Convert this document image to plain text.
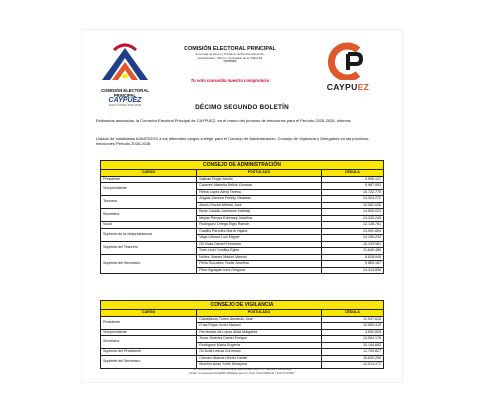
COMISIÓN ELECTORAL
PRINCIPAL
CAYPUEZ
ELECCIONES 2025-2028
COMISIÓN ELECTORAL PRINCIPAL
de la Caja de Ahorro y Préstamo del Personal Docente,
Administrativo, Obrero y Contratado de la UNELLEZ
CAYPUEZ
Tu voto consolida nuestro compromiso
CAYPUEZ
DÉCIMO SEGUNDO BOLETÍN
Estimados asociados, la Comisión Electoral Principal de CAYPUEZ, en el marco del proceso de elecciones para el Período 2025-2028, informa:
Listado de candidatos ADMITIDOS a los diferentes cargos a elegir para el Consejo de Administración, Consejo de Vigilancia y Delegados en las próximas elecciones Período 2025-2028
CONSEJO DE ADMINISTRACIÓN		
CARGO	POSTULADO	CÉDULA
Presidente	Salinas Roger Adolfo	9.995.127
Vicepresidente	Cáceres Misterlia Belkis Xiomara	9.987.903
	Reina López Alexy Teresa	10.722.770
Tesorero	Angola Zamora Freddy Oswaldo	14.324.272
	Alzuru Rocha Alfredo José	10.562.026
Secretario	Bone Castillo Joshanne Nathaly	14.550.022
	Mejías Perosa Edumary Josefina	14.325.249
Vocal	Rodríguez Ortega Elgio Ramón	12.138.761
Suplente de la vicepresidencia	Castillo Paredes María Yajaira	13.091.854
	Vega Ulbucci Luis Miguel	14.190.293
Suplente del Tesorero	Gil Vivas Daniel Fernando	15.139.981
	Soto León Yumilka Eglee	11.640.485
Suplente del Secretario	Núñez Joanes Marlon Manuel	8.628.949
	Peña González Yoelis Josefina	9.869.167
	Pinto Aguayán Inés Gregoria	14.413.859
CONSEJO DE VIGILANCIA		
CARGO	POSTULADO	CÉDULA
Presidente	Castellanos Torres Armando José	12.937.615
	Frías Rojas Víctor Manuel	10.559.419
Vicepresidente	Fernández de López Alida Margarita	3.592.829
Secretario	Tovar Jiménez Daniel Enrique	13.594.178
	Rodríguez María Eugenia	15.144.683
Suplente del Presidente	Gil Ávila Leticia Coromoto	11.709.827
Suplente del Secretario	Cárnaro Abarca Héctor Daniel	16.639.250
	Moreles Arias Yrelis Morayma	10.014.272
Av. 23 de Enero, C.C. Doña Brisda, planta baja, local Nº3, Barinas - Venezuela
Email: comisionelectoral2025.2028@gmail.com Telfs: 0414 5695416 / 0414 5732687
